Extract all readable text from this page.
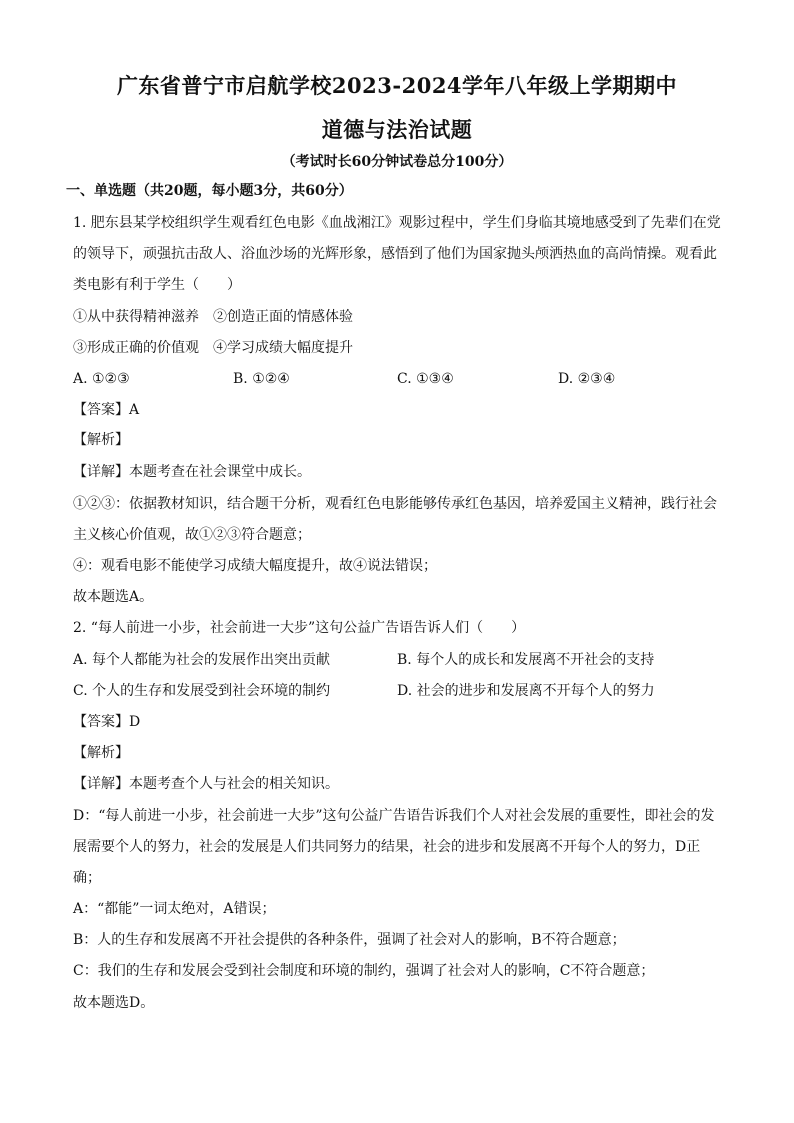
广东省普宁市启航学校2023-2024学年八年级上学期期中
道德与法治试题
（考试时长60分钟试卷总分100分）
一、单选题（共20题，每小题3分，共60分）
1. 肥东县某学校组织学生观看红色电影《血战湘江》观影过程中，学生们身临其境地感受到了先辈们在党
的领导下，顽强抗击敌人、浴血沙场的光辉形象，感悟到了他们为国家抛头颅洒热血的高尚情操。观看此
类电影有利于学生（　　）
①从中获得精神滋养　②创造正面的情感体验
③形成正确的价值观　④学习成绩大幅度提升
A. ①②③	B. ①②④	C. ①③④	D. ②③④
【答案】A
【解析】
【详解】本题考查在社会课堂中成长。
①②③：依据教材知识，结合题干分析，观看红色电影能够传承红色基因，培养爱国主义精神，践行社会
主义核心价值观，故①②③符合题意；
④：观看电影不能使学习成绩大幅度提升，故④说法错误；
故本题选A。
2. “每人前进一小步，社会前进一大步”这句公益广告语告诉人们（　　）
A. 每个人都能为社会的发展作出突出贡献	B. 每个人的成长和发展离不开社会的支持
C. 个人的生存和发展受到社会环境的制约	D. 社会的进步和发展离不开每个人的努力
【答案】D
【解析】
【详解】本题考查个人与社会的相关知识。
D：“每人前进一小步，社会前进一大步”这句公益广告语告诉我们个人对社会发展的重要性，即社会的发
展需要个人的努力，社会的发展是人们共同努力的结果，社会的进步和发展离不开每个人的努力，D正
确；
A：“都能”一词太绝对，A错误；
B：人的生存和发展离不开社会提供的各种条件，强调了社会对人的影响，B不符合题意；
C：我们的生存和发展会受到社会制度和环境的制约，强调了社会对人的影响，C不符合题意；
故本题选D。
